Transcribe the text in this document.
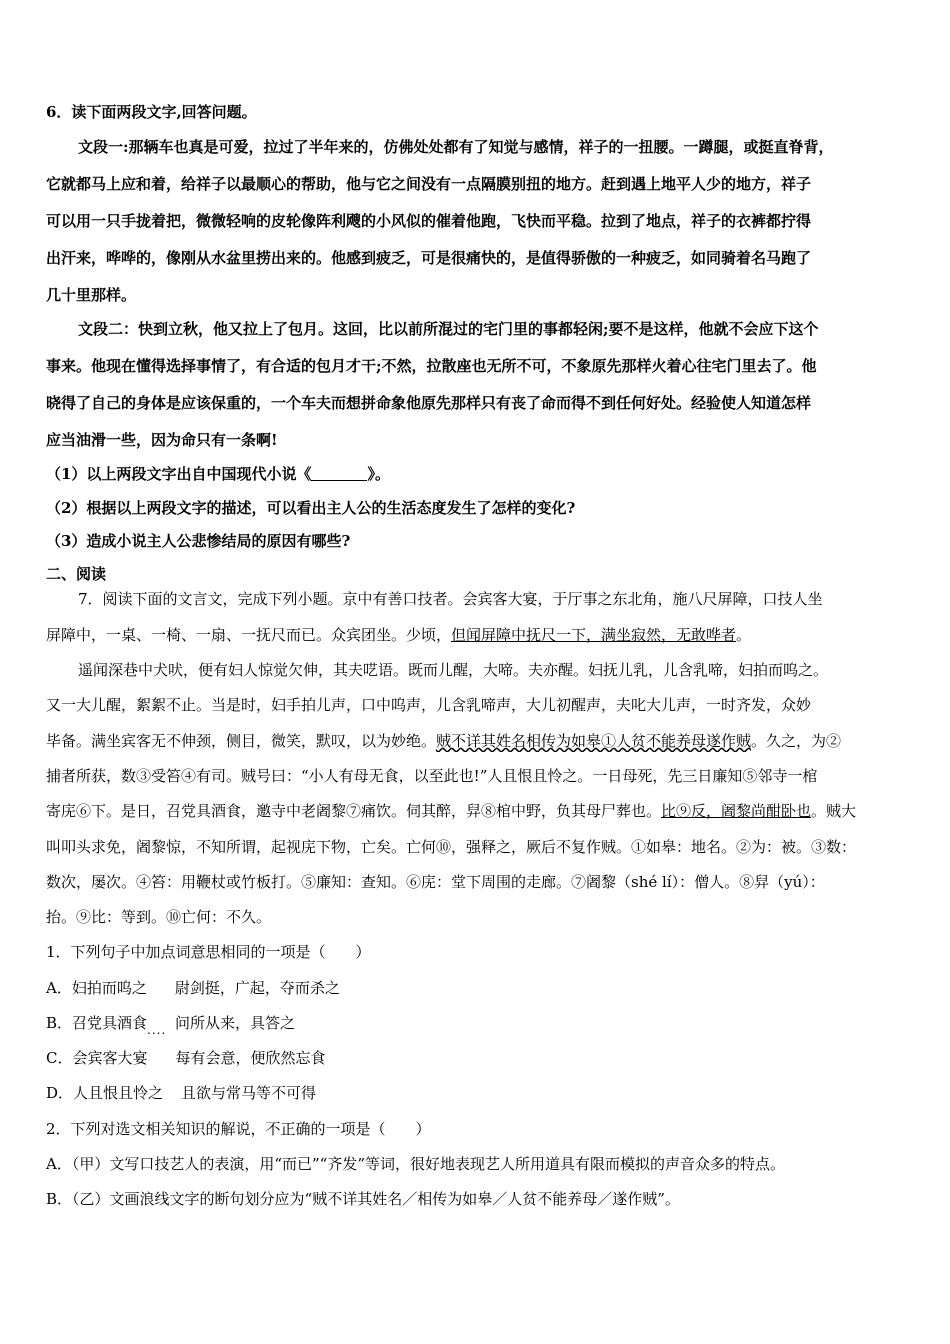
6．读下面两段文字,回答问题。
文段一:那辆车也真是可爱，拉过了半年来的，仿佛处处都有了知觉与感情，祥子的一扭腰。一蹲腿，或挺直脊背，
它就都马上应和着，给祥子以最顺心的帮助，他与它之间没有一点隔膜别扭的地方。赶到遇上地平人少的地方，祥子
可以用一只手拢着把，微微轻响的皮轮像阵利飕的小风似的催着他跑，飞快而平稳。拉到了地点，祥子的衣裤都拧得
出汗来，哗哗的，像刚从水盆里捞出来的。他感到疲乏，可是很痛快的，是值得骄傲的一种疲乏，如同骑着名马跑了
几十里那样。
文段二：快到立秋，他又拉上了包月。这回，比以前所混过的宅门里的事都轻闲;要不是这样，他就不会应下这个
事来。他现在懂得选择事情了，有合适的包月才干;不然，拉散座也无所不可，不象原先那样火着心往宅门里去了。他
晓得了自己的身体是应该保重的，一个车夫而想拼命象他原先那样只有丧了命而得不到任何好处。经验使人知道怎样
应当油滑一些，因为命只有一条啊!
（1）以上两段文字出自中国现代小说《	》。
（2）根据以上两段文字的描述，可以看出主人公的生活态度发生了怎样的变化?
（3）造成小说主人公悲惨结局的原因有哪些?
二、阅读
7．阅读下面的文言文，完成下列小题。京中有善口技者。会宾客大宴，于厅事之东北角，施八尺屏障，口技人坐
屏障中，一桌、一椅、一扇、一抚尺而已。众宾团坐。少顷，但闻屏障中抚尺一下，满坐寂然，无敢哗者。
遥闻深巷中犬吠，便有妇人惊觉欠伸，其夫呓语。既而儿醒，大啼。夫亦醒。妇抚儿乳，儿含乳啼，妇拍而呜之。
又一大儿醒，絮絮不止。当是时，妇手拍儿声，口中呜声，儿含乳啼声，大儿初醒声，夫叱大儿声，一时齐发，众妙
毕备。满坐宾客无不伸颈，侧目，微笑，默叹，以为妙绝。贼不详其姓名相传为如皋①人贫不能养母遂作贼。久之，为②
捕者所获，数③受笞④有司。贼号曰：“小人有母无食，以至此也!”人且恨且怜之。一日母死，先三日廉知⑤邻寺一棺
寄庑⑥下。是日，召党具酒食，邀寺中老阇黎⑦痛饮。伺其醉，舁⑧棺中野，负其母尸葬也。比⑨反，阇黎尚酣卧也。贼大
叫叩头求免，阇黎惊，不知所谓，起视庑下物，亡矣。亡何⑩，强释之，厥后不复作贼。①如皋：地名。②为：被。③数：
数次，屡次。④笞：用鞭杖或竹板打。⑤廉知：查知。⑥庑：堂下周围的走廊。⑦阇黎（shé lí）：僧人。⑧舁（yú）：
抬。⑨比：等到。⑩亡何：不久。
1．下列句子中加点词意思相同的一项是（　　）
A．妇拍而呜之 尉剑挺，广起，夺而杀之
B．召党具酒食.... 问所从来，具答之
C．会宾客大宴 每有会意，便欣然忘食
D．人且恨且怜之 且欲与常马等不可得
2．下列对选文相关知识的解说，不正确的一项是（　　）
A．（甲）文写口技艺人的表演，用“而已”“齐发”等词，很好地表现艺人所用道具有限而模拟的声音众多的特点。
B．（乙）文画浪线文字的断句划分应为“贼不详其姓名／相传为如皋／人贫不能养母／遂作贼”。
